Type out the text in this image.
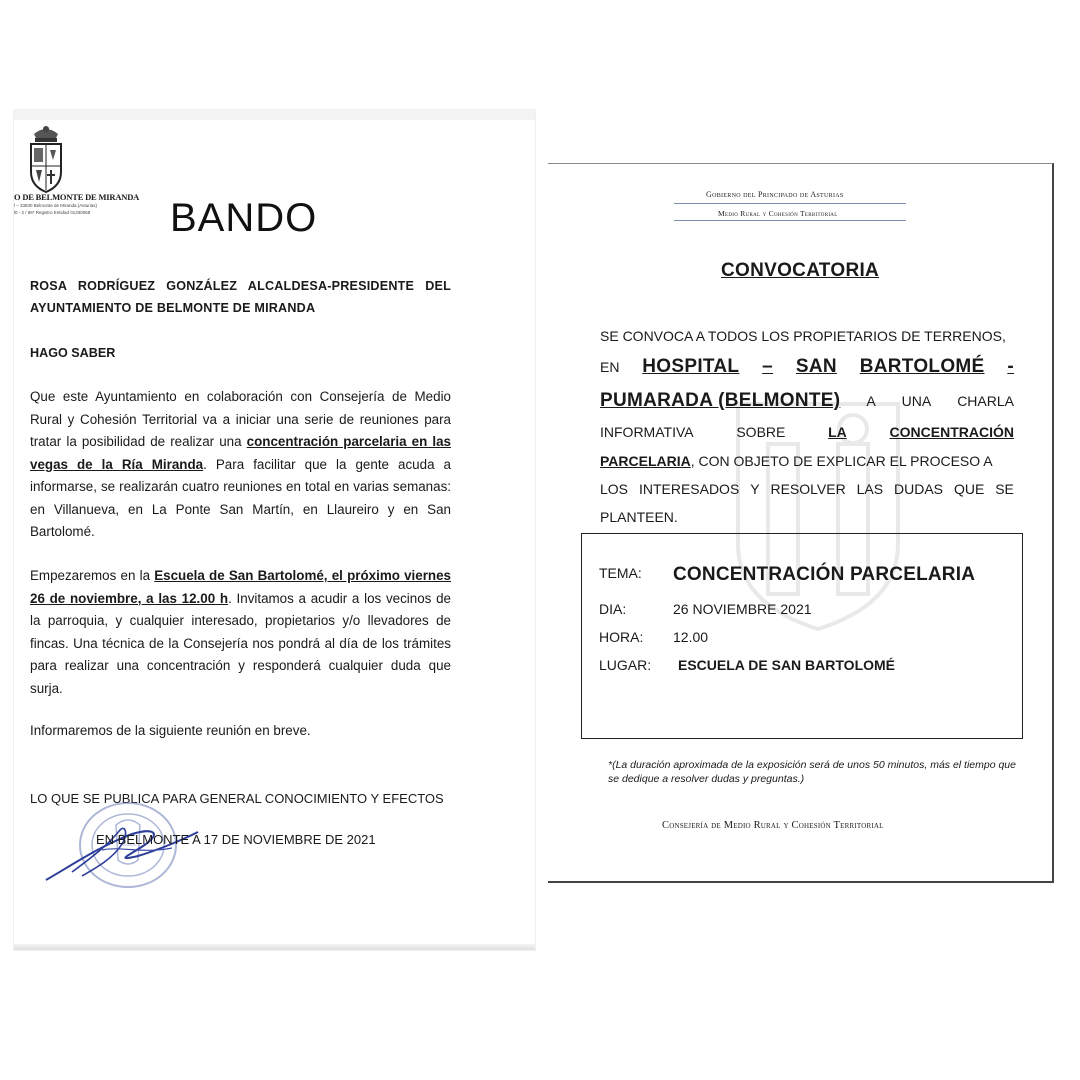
O DE BELMONTE DE MIRANDA
l – 33830 Belmonte de Miranda (Asturias)
l0 - 2 / 96* Registro Entidad 01330058 BANDO

ROSA RODRÍGUEZ GONZÁLEZ ALCALDESA-PRESIDENTE DEL AYUNTAMIENTO DE BELMONTE DE MIRANDA

HAGO SABER

Que este Ayuntamiento en colaboración con Consejería de Medio Rural y Cohesión Territorial va a iniciar una serie de reuniones para tratar la posibilidad de realizar una concentración parcelaria en las vegas de la Ría Miranda. Para facilitar que la gente acuda a informarse, se realizarán cuatro reuniones en total en varias semanas: en Villanueva, en La Ponte San Martín, en Llaureiro y en San Bartolomé.

Empezaremos en la Escuela de San Bartolomé, el próximo viernes 26 de noviembre, a las 12.00 h. Invitamos a acudir a los vecinos de la parroquia, y cualquier interesado, propietarios y/o llevadores de fincas. Una técnica de la Consejería nos pondrá al día de los trámites para realizar una concentración y responderá cualquier duda que surja.

Informaremos de la siguiente reunión en breve.

LO QUE SE PUBLICA PARA GENERAL CONOCIMIENTO Y EFECTOS

EN BELMONTE A 17 DE NOVIEMBRE DE 2021
Gobierno del Principado de Asturias
Medio Rural y Cohesión Territorial
CONVOCATORIA
SE CONVOCA A TODOS LOS PROPIETARIOS DE TERRENOS,
EN HOSPITAL – SAN BARTOLOMÉ -
PUMARADA (BELMONTE) A UNA CHARLA
INFORMATIVA	SOBRE	LA	CONCENTRACIÓN
PARCELARIA , CON OBJETO DE EXPLICAR EL PROCESO A
LOS INTERESADOS Y RESOLVER LAS DUDAS QUE SE
PLANTEEN.
TEMA: CONCENTRACIÓN PARCELARIA
DIA:	26 NOVIEMBRE 2021
HORA: 12.00
LUGAR: ESCUELA DE SAN BARTOLOMÉ
*(La duración aproximada de la exposición será de unos 50 minutos, más el tiempo que se dedique a resolver dudas y preguntas.)
Consejería de Medio Rural y Cohesión Territorial
